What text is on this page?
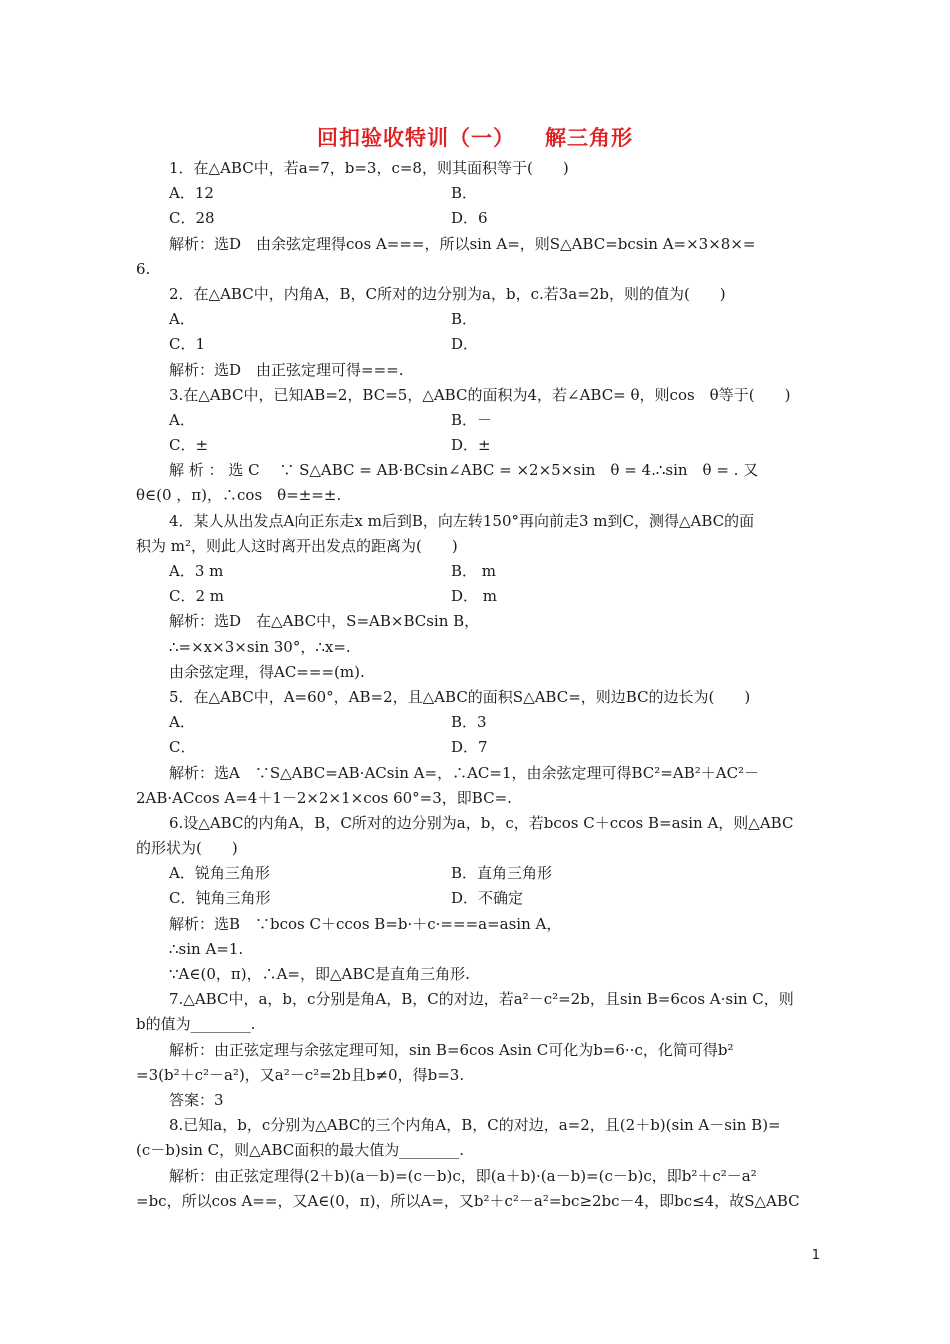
回扣验收特训（一） 解三角形
1．在△ABC中，若a=7，b=3，c=8，则其面积等于(　　)
A．12	B．
C．28	D．6
解析：选D　由余弦定理得cos A===，所以sin A=，则S△ABC=bcsin A=×3×8×=
6.
2．在△ABC中，内角A，B，C所对的边分别为a，b，c.若3a=2b，则的值为(　　)
A．	B．
C．1	D．
解析：选D　由正弦定理可得===.
3.在△ABC中，已知AB=2，BC=5，△ABC的面积为4，若∠ABC= θ，则cos　θ等于(　　)
A．	B．－
C．±	D．±
解 析 ： 选 C　 ∵ S△ABC = AB·BCsin∠ABC = ×2×5×sin　θ = 4.∴sin　θ = . 又
θ∈(0 ，π)，∴cos　θ=±=±.
4．某人从出发点A向正东走x m后到B，向左转150°再向前走3 m到C，测得△ABC的面
积为 m²，则此人这时离开出发点的距离为(　　)
A．3 m	B． m
C．2 m	D． m
解析：选D　在△ABC中，S=AB×BCsin B，
∴=×x×3×sin 30°，∴x=.
由余弦定理，得AC===(m).
5．在△ABC中，A=60°，AB=2，且△ABC的面积S△ABC=，则边BC的边长为(　　)
A．	B．3
C．	D．7
解析：选A　∵S△ABC=AB·ACsin A=，∴AC=1，由余弦定理可得BC²=AB²＋AC²－
2AB·ACcos A=4＋1－2×2×1×cos 60°=3，即BC=.
6.设△ABC的内角A，B，C所对的边分别为a，b，c，若bcos C＋ccos B=asin A，则△ABC
的形状为(　　)
A．锐角三角形	B．直角三角形
C．钝角三角形	D．不确定
解析：选B　∵bcos C＋ccos B=b·＋c·===a=asin A，
∴sin A=1.
∵A∈(0，π)，∴A=，即△ABC是直角三角形.
7.△ABC中，a，b，c分别是角A，B，C的对边，若a²－c²=2b，且sin B=6cos A·sin C，则
b的值为________.
解析：由正弦定理与余弦定理可知，sin B=6cos Asin C可化为b=6··c，化简可得b²
=3(b²＋c²－a²)，又a²－c²=2b且b≠0，得b=3.
答案：3
8.已知a，b，c分别为△ABC的三个内角A，B，C的对边，a=2，且(2＋b)(sin A－sin B)=
(c－b)sin C，则△ABC面积的最大值为________.
解析：由正弦定理得(2＋b)(a－b)=(c－b)c，即(a＋b)·(a－b)=(c－b)c，即b²＋c²－a²
=bc，所以cos A==，又A∈(0，π)，所以A=，又b²＋c²－a²=bc≥2bc－4，即bc≤4，故S△ABC
1
